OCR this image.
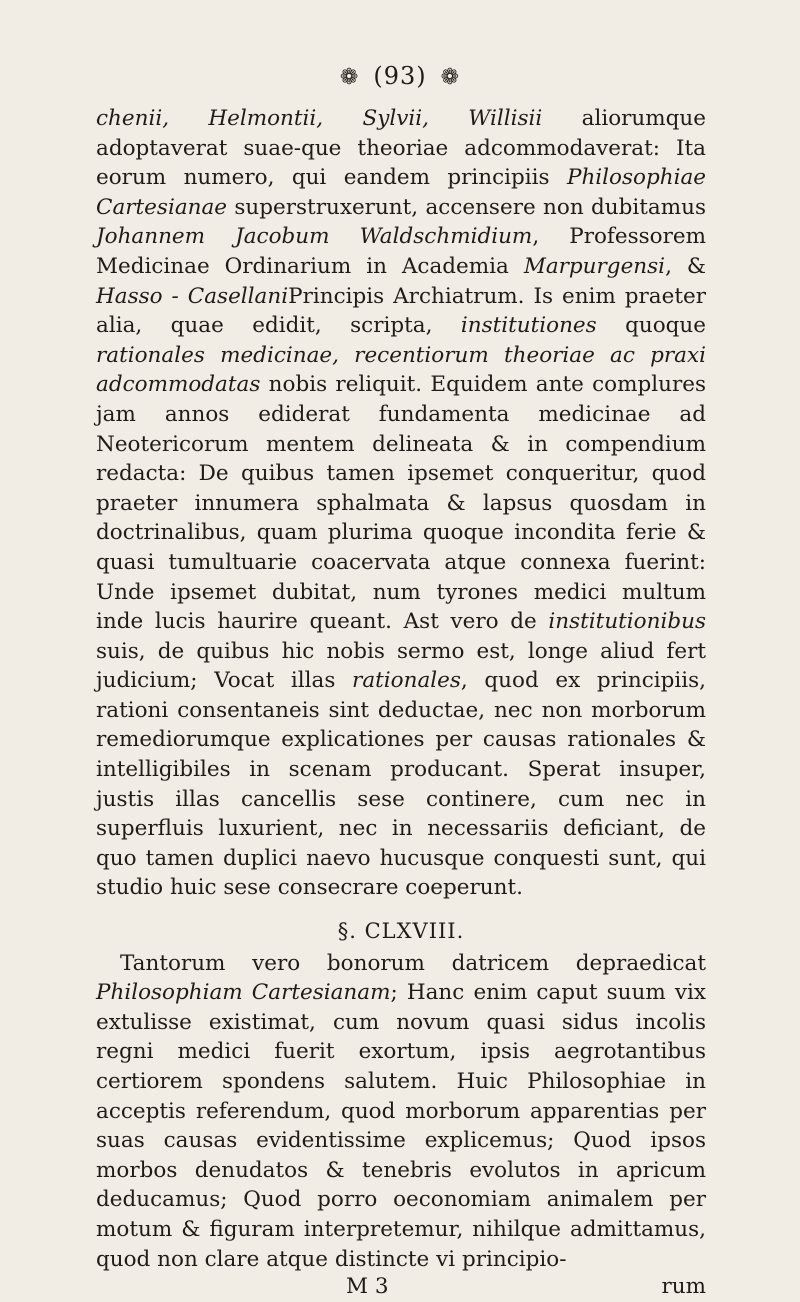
❁ (93) ❁

chenii, Helmontii, Sylvii, Willisii aliorumque adoptaverat suae-que theoriae adcommodaverat: Ita eorum numero, qui eandem principiis Philosophiae Cartesianae superstruxerunt, accensere non dubitamus Johannem Jacobum Waldschmidium, Professorem Medicinae Ordinarium in Academia Marpurgensi, & Hasso - CasellaniPrincipis Archiatrum. Is enim praeter alia, quae edidit, scripta, institutiones quoque rationales medicinae, recentiorum theoriae ac praxi adcommodatas nobis reliquit. Equidem ante complures jam annos ediderat fundamenta medicinae ad Neotericorum mentem delineata & in compendium redacta: De quibus tamen ipsemet conqueritur, quod praeter innumera sphalmata & lapsus quosdam in doctrinalibus, quam plurima quoque incondita ferie & quasi tumultuarie coacervata atque connexa fuerint: Unde ipsemet dubitat, num tyrones medici multum inde lucis haurire queant. Ast vero de institutionibus suis, de quibus hic nobis sermo est, longe aliud fert judicium; Vocat illas rationales, quod ex principiis, rationi consentaneis sint deductae, nec non morborum remediorumque explicationes per causas rationales & intelligibiles in scenam producant. Sperat insuper, justis illas cancellis sese continere, cum nec in superfluis luxurient, nec in necessariis deficiant, de quo tamen duplici naevo hucusque conquesti sunt, qui studio huic sese consecrare coeperunt.

§. CLXVIII.

Tantorum vero bonorum datricem depraedicat Philosophiam Cartesianam; Hanc enim caput suum vix extulisse existimat, cum novum quasi sidus incolis regni medici fuerit exortum, ipsis aegrotantibus certiorem spondens salutem. Huic Philosophiae in acceptis referendum, quod morborum apparentias per suas causas evidentissime explicemus; Quod ipsos morbos denudatos & tenebris evolutos in apricum deducamus; Quod porro oeconomiam animalem per motum & figuram interpretemur, nihilque admittamus, quod non clare atque distincte vi principio-

M 3	rum
